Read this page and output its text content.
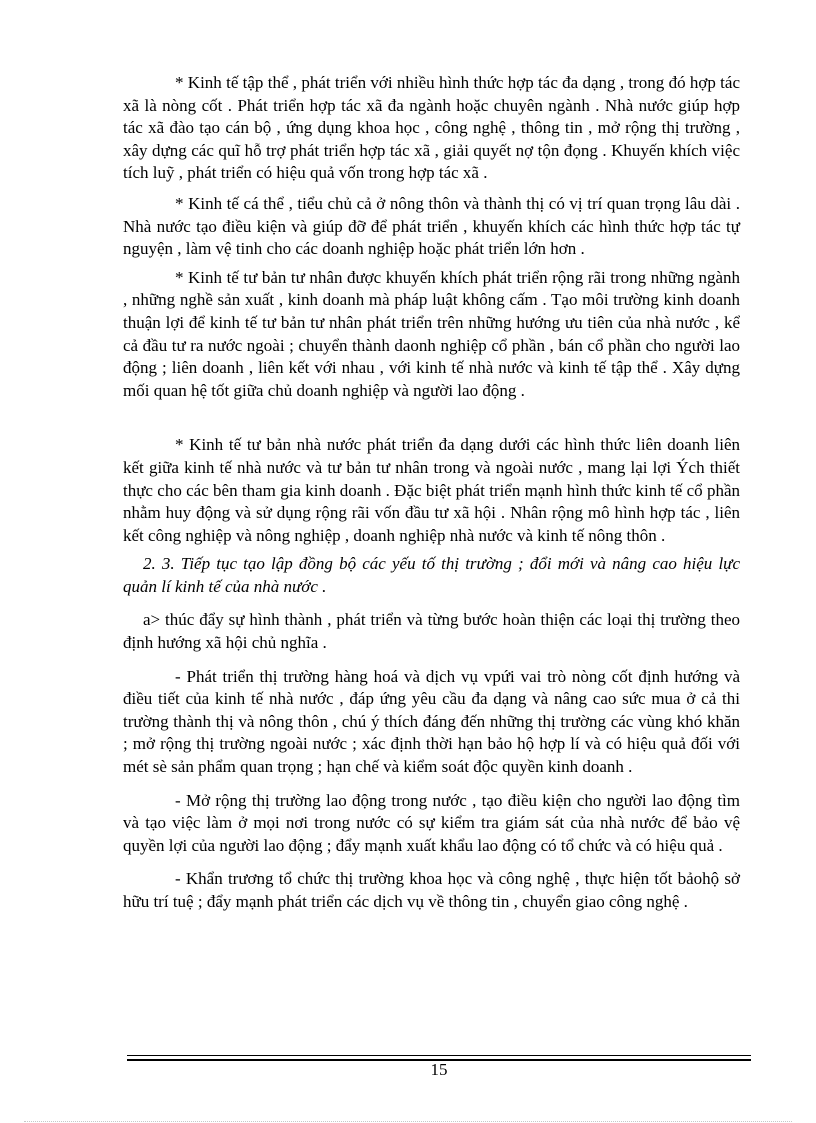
* Kinh tế tập thể , phát triển với nhiều hình thức hợp tác đa dạng , trong đó hợp tác xã là nòng cốt . Phát triển hợp tác xã đa ngành hoặc chuyên ngành . Nhà nước giúp hợp tác xã đào tạo cán bộ , ứng dụng khoa học , công nghệ , thông tin , mở rộng thị trường , xây dựng các quĩ hỗ trợ phát triển hợp tác xã , giải quyết nợ tộn đọng . Khuyến khích việc tích luỹ , phát triển có hiệu quả vốn trong hợp tác xã .

* Kinh tế cá thể , tiểu chủ cả ở nông thôn và thành thị có vị trí quan trọng lâu dài . Nhà nước tạo điều kiện và giúp đỡ để phát triển , khuyến khích các hình thức hợp tác tự nguyện , làm vệ tinh cho các doanh nghiệp hoặc phát triển lớn hơn .

* Kinh tế tư bản tư nhân được khuyến khích phát triển rộng rãi trong những ngành , những nghề sản xuất , kinh doanh mà pháp luật không cấm . Tạo môi trường kinh doanh thuận lợi để kinh tế tư bản tư nhân phát triển trên những hướng ưu tiên của nhà nước , kể cả đầu tư ra nước ngoài ; chuyển thành daonh nghiệp cổ phần , bán cổ phần cho người lao động ; liên doanh , liên kết với nhau , với kinh tế nhà nước và kinh tế tập thể . Xây dựng mối quan hệ tốt giữa chủ doanh nghiệp và người lao động .

* Kinh tế tư bản nhà nước phát triển đa dạng dưới các hình thức liên doanh liên kết giữa kinh tế nhà nước và tư bản tư nhân trong và ngoài nước , mang lại lợi Ých thiết thực cho các bên tham gia kinh doanh . Đặc biệt phát triển mạnh hình thức kinh tế cổ phần nhằm huy động và sử dụng rộng rãi vốn đầu tư xã hội . Nhân rộng mô hình hợp tác , liên kết công nghiệp và nông nghiệp , doanh nghiệp nhà nước và kinh tế nông thôn .

2. 3. Tiếp tục tạo lập đồng bộ các yếu tố thị trường ; đổi mới và nâng cao hiệu lực quản lí kinh tế của nhà nước .

a> thúc đẩy sự hình thành , phát triển và từng bước hoàn thiện các loại thị trường theo định hướng xã hội chủ nghĩa .

- Phát triển thị trường hàng hoá và dịch vụ vpứi vai trò nòng cốt định hướng và điều tiết của kinh tế nhà nước , đáp ứng yêu cầu đa dạng và nâng cao sức mua ở cả thi trường thành thị và nông thôn , chú ý thích đáng đến những thị trường các vùng khó khăn ; mở rộng thị trường ngoài nước ; xác định thời hạn bảo hộ hợp lí và có hiệu quả đối với mét sè sản phẩm quan trọng ; hạn chế và kiểm soát độc quyền kinh doanh .

- Mở rộng thị trường lao động trong nước , tạo điều kiện cho người lao động tìm và tạo việc làm ở mọi nơi trong nước có sự kiểm tra giám sát của nhà nước để bảo vệ quyền lợi của người lao động ; đẩy mạnh xuất khẩu lao động có tổ chức và có hiệu quả .

- Khẩn trương tổ chức thị trường khoa học và công nghệ , thực hiện tốt bảohộ sở hữu trí tuệ ; đẩy mạnh phát triển các dịch vụ về thông tin , chuyển giao công nghệ .

15
